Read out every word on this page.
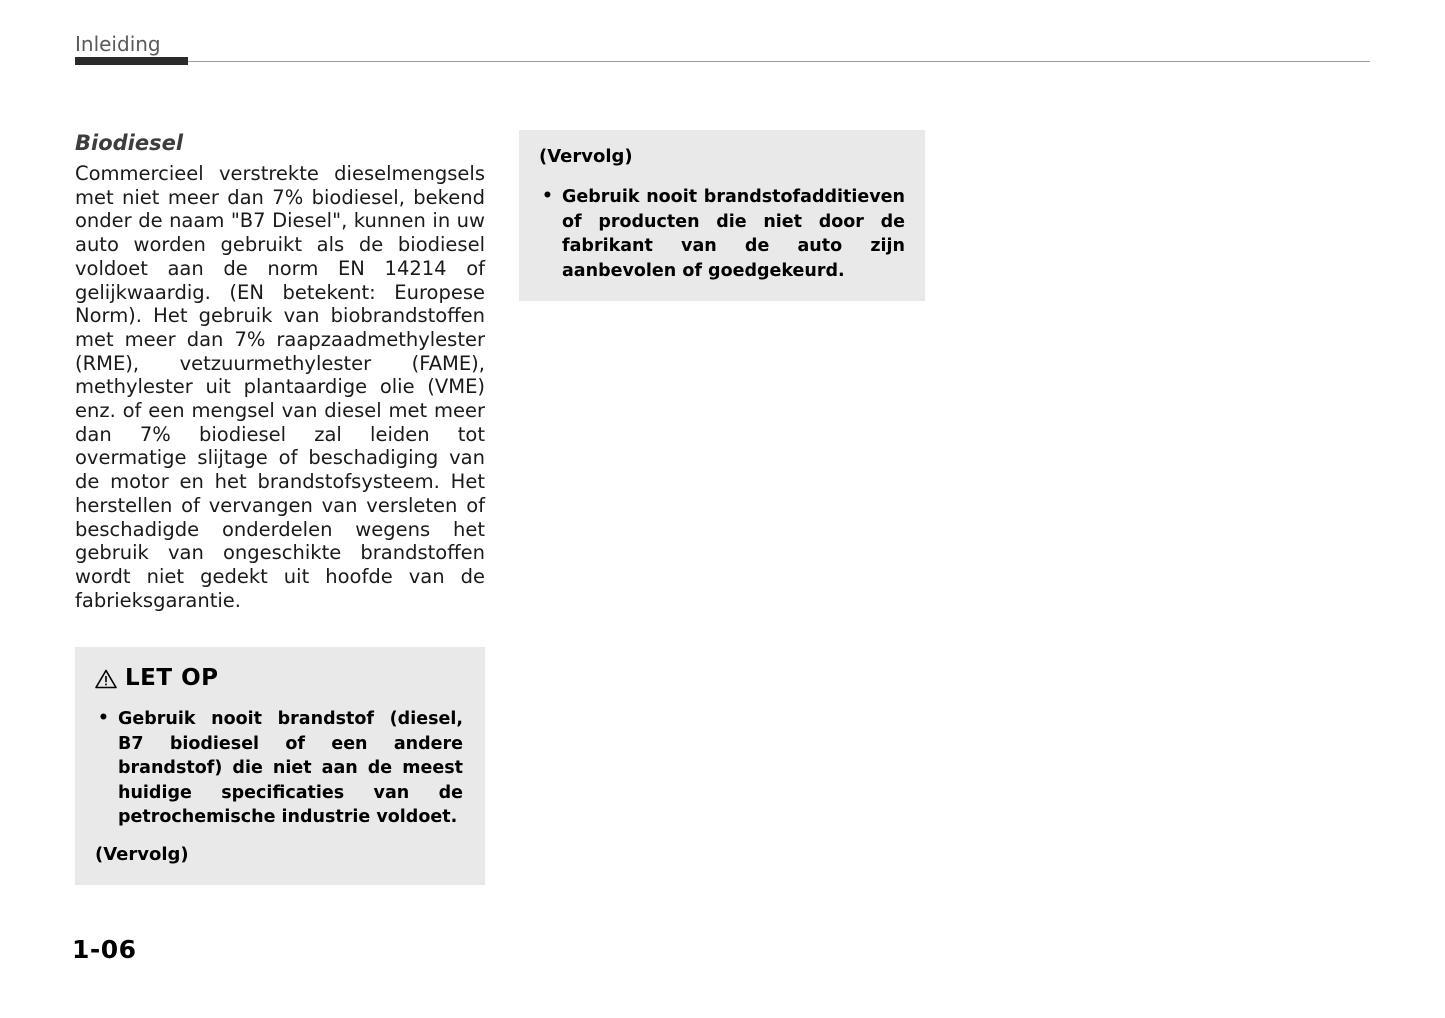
Inleiding
Biodiesel

Commercieel verstrekte dieselmengsels met niet meer dan 7% biodiesel, bekend onder de naam "B7 Diesel", kunnen in uw auto worden gebruikt als de biodiesel voldoet aan de norm EN 14214 of gelijkwaardig. (EN betekent: Europese Norm). Het gebruik van biobrandstoffen met meer dan 7% raapzaadmethylester (RME), vetzuurmethylester (FAME), methylester uit plantaardige olie (VME) enz. of een mengsel van diesel met meer dan 7% biodiesel zal leiden tot overmatige slijtage of beschadiging van de motor en het brandstofsysteem. Het herstellen of vervangen van versleten of beschadigde onderdelen wegens het gebruik van ongeschikte brandstoffen wordt niet gedekt uit hoofde van de fabrieksgarantie.

LET OP
• Gebruik nooit brandstof (diesel, B7 biodiesel of een andere brandstof) die niet aan de meest huidige specificaties van de petrochemische industrie voldoet.
(Vervolg)
(Vervolg)
• Gebruik nooit brandstofadditieven of producten die niet door de fabrikant van de auto zijn aanbevolen of goedgekeurd.
1-06
